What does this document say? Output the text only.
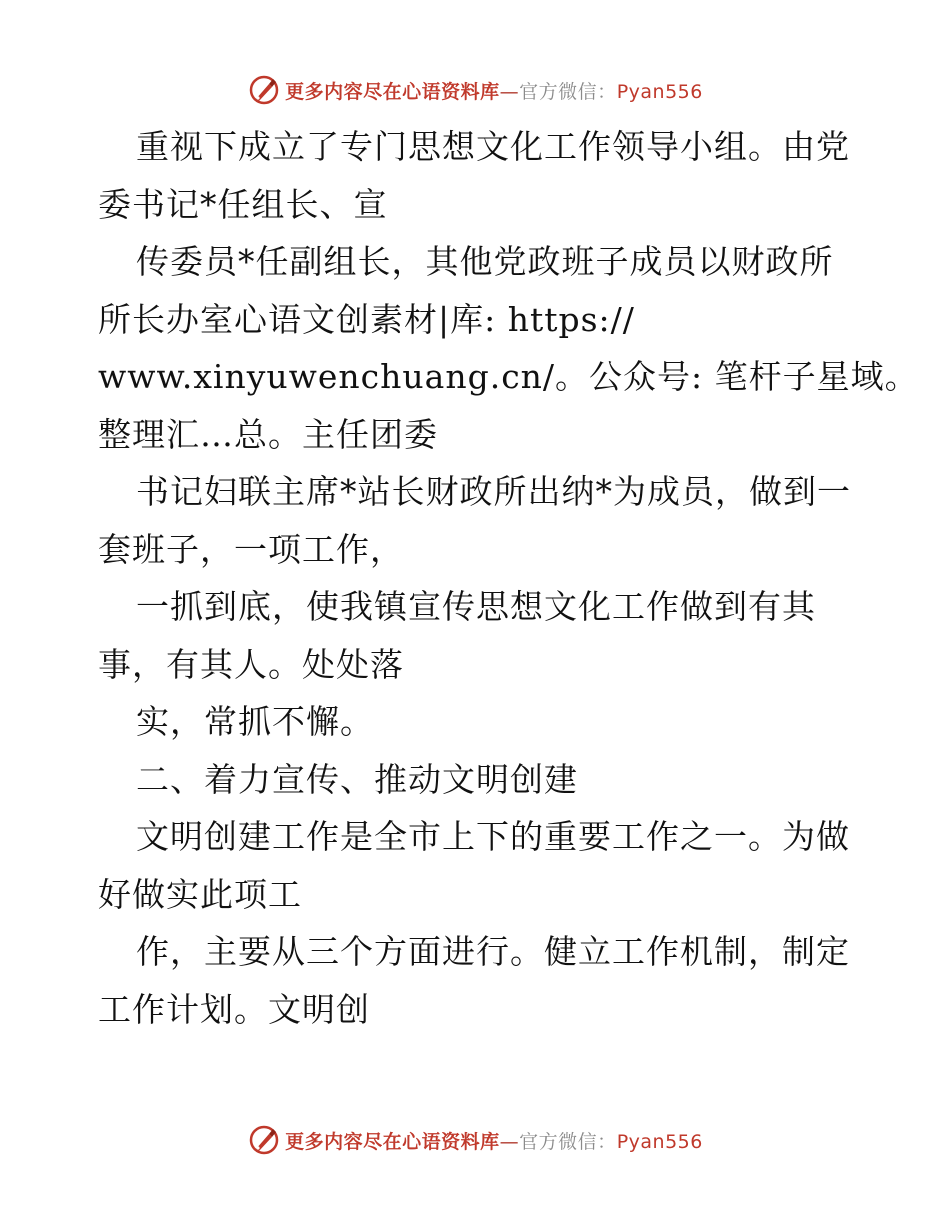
更多内容尽在心语资料库—官方微信：Pyan556
重视下成立了专门思想文化工作领导小组。由党
委书记*任组长、宣
传委员*任副组长，其他党政班子成员以财政所
所长办室心语文创素材|库: https://
www.xinyuwenchuang.cn/。公众号: 笔杆子星域。
整理汇…总。主任团委
书记妇联主席*站长财政所出纳*为成员，做到一
套班子，一项工作，
一抓到底，使我镇宣传思想文化工作做到有其
事，有其人。处处落
实，常抓不懈。
二、着力宣传、推动文明创建
文明创建工作是全市上下的重要工作之一。为做
好做实此项工
作，主要从三个方面进行。健立工作机制，制定
工作计划。文明创
更多内容尽在心语资料库—官方微信：Pyan556
